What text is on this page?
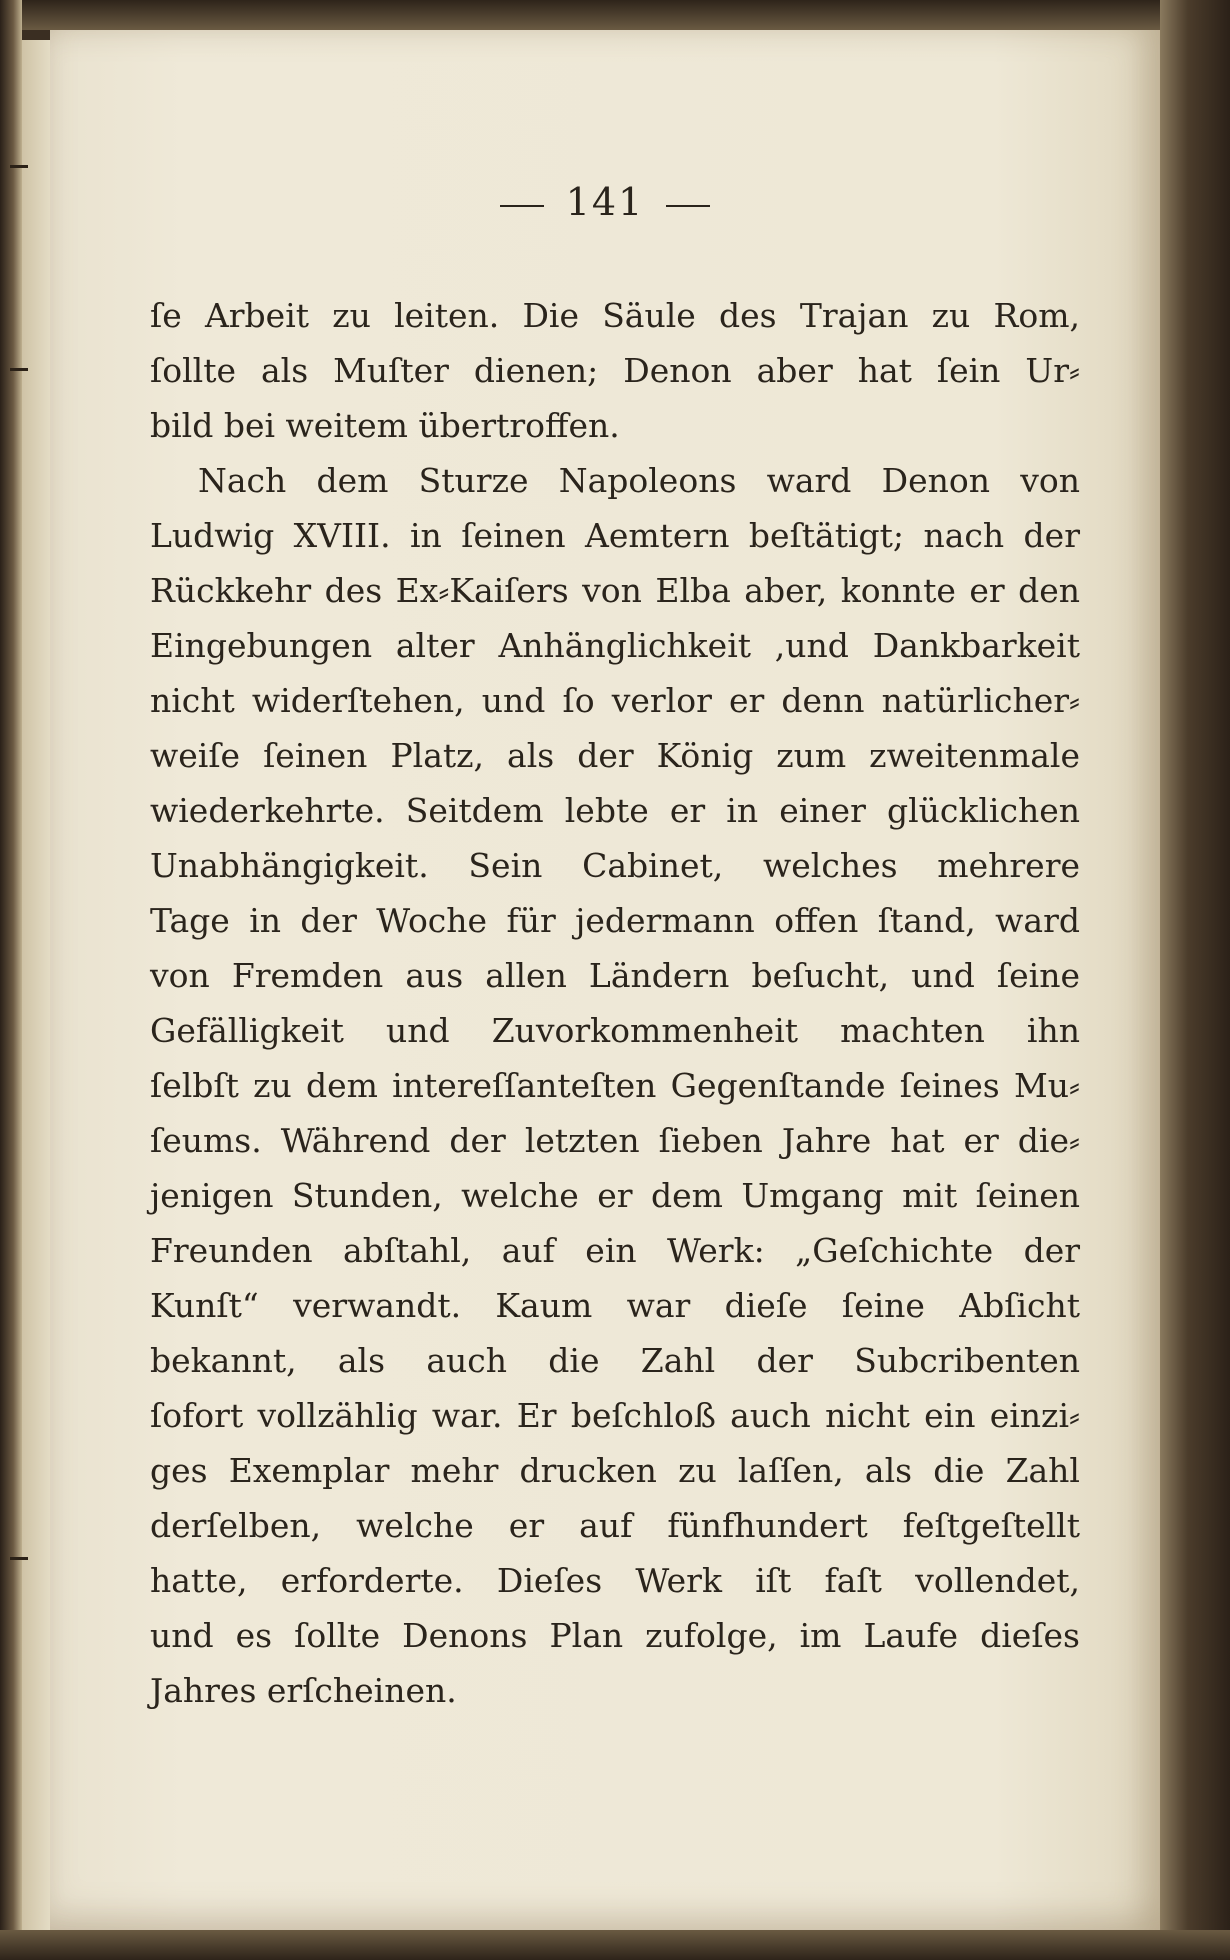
141
ſe Arbeit zu leiten. Die Säule des Trajan zu Rom,
ſollte als Muſter dienen; Denon aber hat ſein Ur⸗
bild bei weitem übertroffen.
Nach dem Sturze Napoleons ward Denon von
Ludwig XVIII. in ſeinen Aemtern beſtätigt; nach der
Rückkehr des Ex⸗Kaiſers von Elba aber, konnte er den
Eingebungen alter Anhänglichkeit ,und Dankbarkeit
nicht widerſtehen, und ſo verlor er denn natürlicher⸗
weiſe ſeinen Platz, als der König zum zweitenmale
wiederkehrte. Seitdem lebte er in einer glücklichen
Unabhängigkeit. Sein Cabinet, welches mehrere
Tage in der Woche für jedermann offen ſtand, ward
von Fremden aus allen Ländern beſucht, und ſeine
Gefälligkeit und Zuvorkommenheit machten ihn
ſelbſt zu dem intereſſanteſten Gegenſtande ſeines Mu⸗
ſeums. Während der letzten ſieben Jahre hat er die⸗
jenigen Stunden, welche er dem Umgang mit ſeinen
Freunden abſtahl, auf ein Werk: „Geſchichte der
Kunſt“ verwandt. Kaum war dieſe ſeine Abſicht
bekannt, als auch die Zahl der Subcribenten
ſofort vollzählig war. Er beſchloß auch nicht ein einzi⸗
ges Exemplar mehr drucken zu laſſen, als die Zahl
derſelben, welche er auf fünfhundert feſtgeſtellt
hatte, erforderte. Dieſes Werk iſt faſt vollendet,
und es ſollte Denons Plan zufolge, im Laufe dieſes
Jahres erſcheinen.
